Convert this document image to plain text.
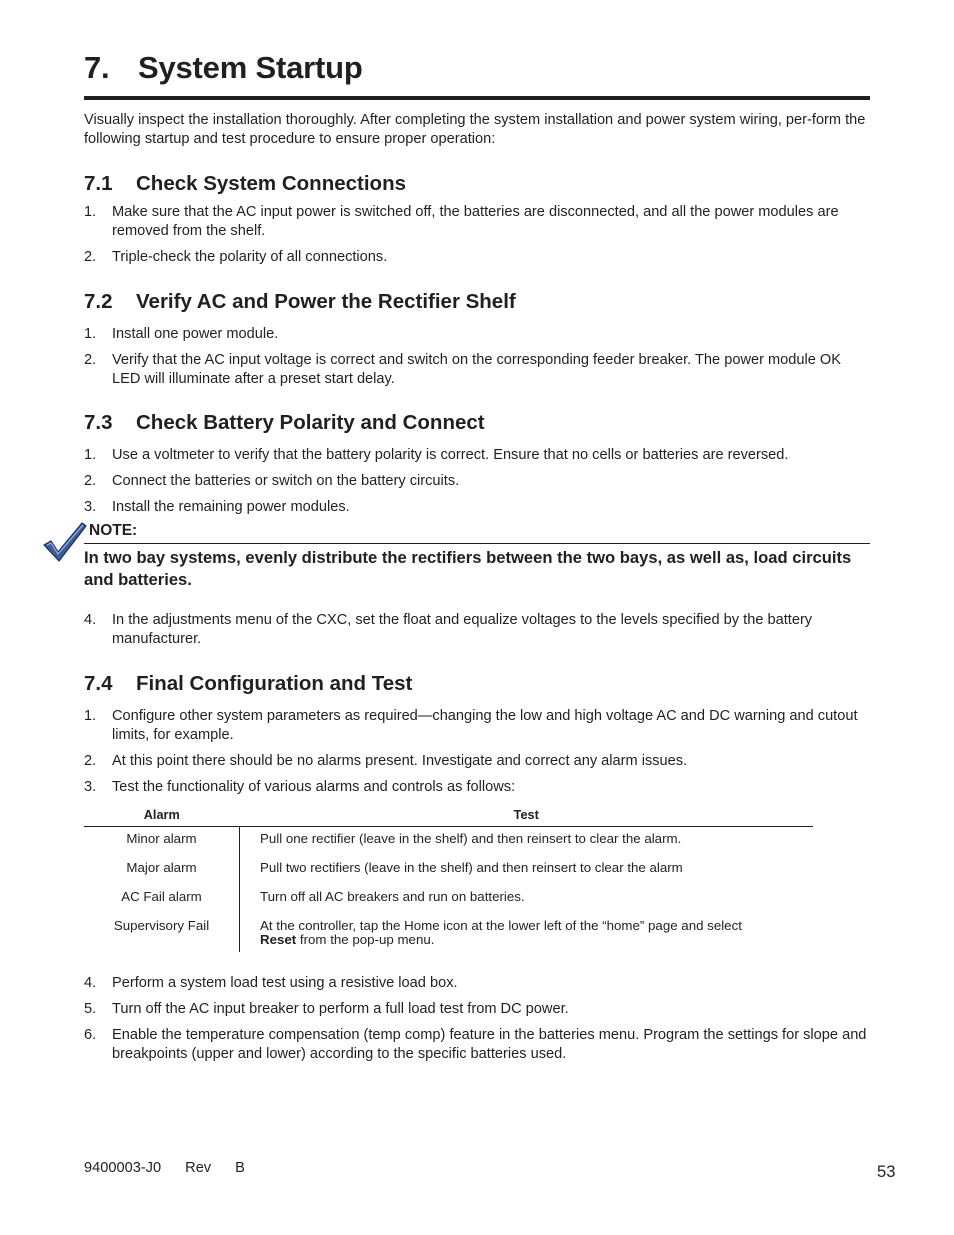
7. System Startup

Visually inspect the installation thoroughly. After completing the system installation and power system wiring, per-form the following startup and test procedure to ensure proper operation:

7.1 Check System Connections
1. Make sure that the AC input power is switched off, the batteries are disconnected, and all the power modules are removed from the shelf.
2. Triple-check the polarity of all connections.
7.2 Verify AC and Power the Rectifier Shelf
1. Install one power module.
2. Verify that the AC input voltage is correct and switch on the corresponding feeder breaker. The power module OK LED will illuminate after a preset start delay.
7.3 Check Battery Polarity and Connect
1. Use a voltmeter to verify that the battery polarity is correct. Ensure that no cells or batteries are reversed.
2. Connect the batteries or switch on the battery circuits.
3. Install the remaining power modules.
NOTE:

In two bay systems, evenly distribute the rectifiers between the two bays, as well as, load circuits and batteries.

4. In the adjustments menu of the CXC, set the float and equalize voltages to the levels specified by the battery manufacturer.
7.4 Final Configuration and Test
1. Configure other system parameters as required—changing the low and high voltage AC and DC warning and cutout limits, for example.
2. At this point there should be no alarms present. Investigate and correct any alarm issues.
3. Test the functionality of various alarms and controls as follows:
Alarm	Test
Minor alarm	Pull one rectifier (leave in the shelf) and then reinsert to clear the alarm.
Major alarm	Pull two rectifiers (leave in the shelf) and then reinsert to clear the alarm
AC Fail alarm	Turn off all AC breakers and run on batteries.
Supervisory Fail	At the controller, tap the Home icon at the lower left of the “home” page and select
Reset from the pop-up menu.
4. Perform a system load test using a resistive load box.
5. Turn off the AC input breaker to perform a full load test from DC power.
6. Enable the temperature compensation (temp comp) feature in the batteries menu. Program the settings for slope and breakpoints (upper and lower) according to the specific batteries used.
9400003-J0 Rev B	53
